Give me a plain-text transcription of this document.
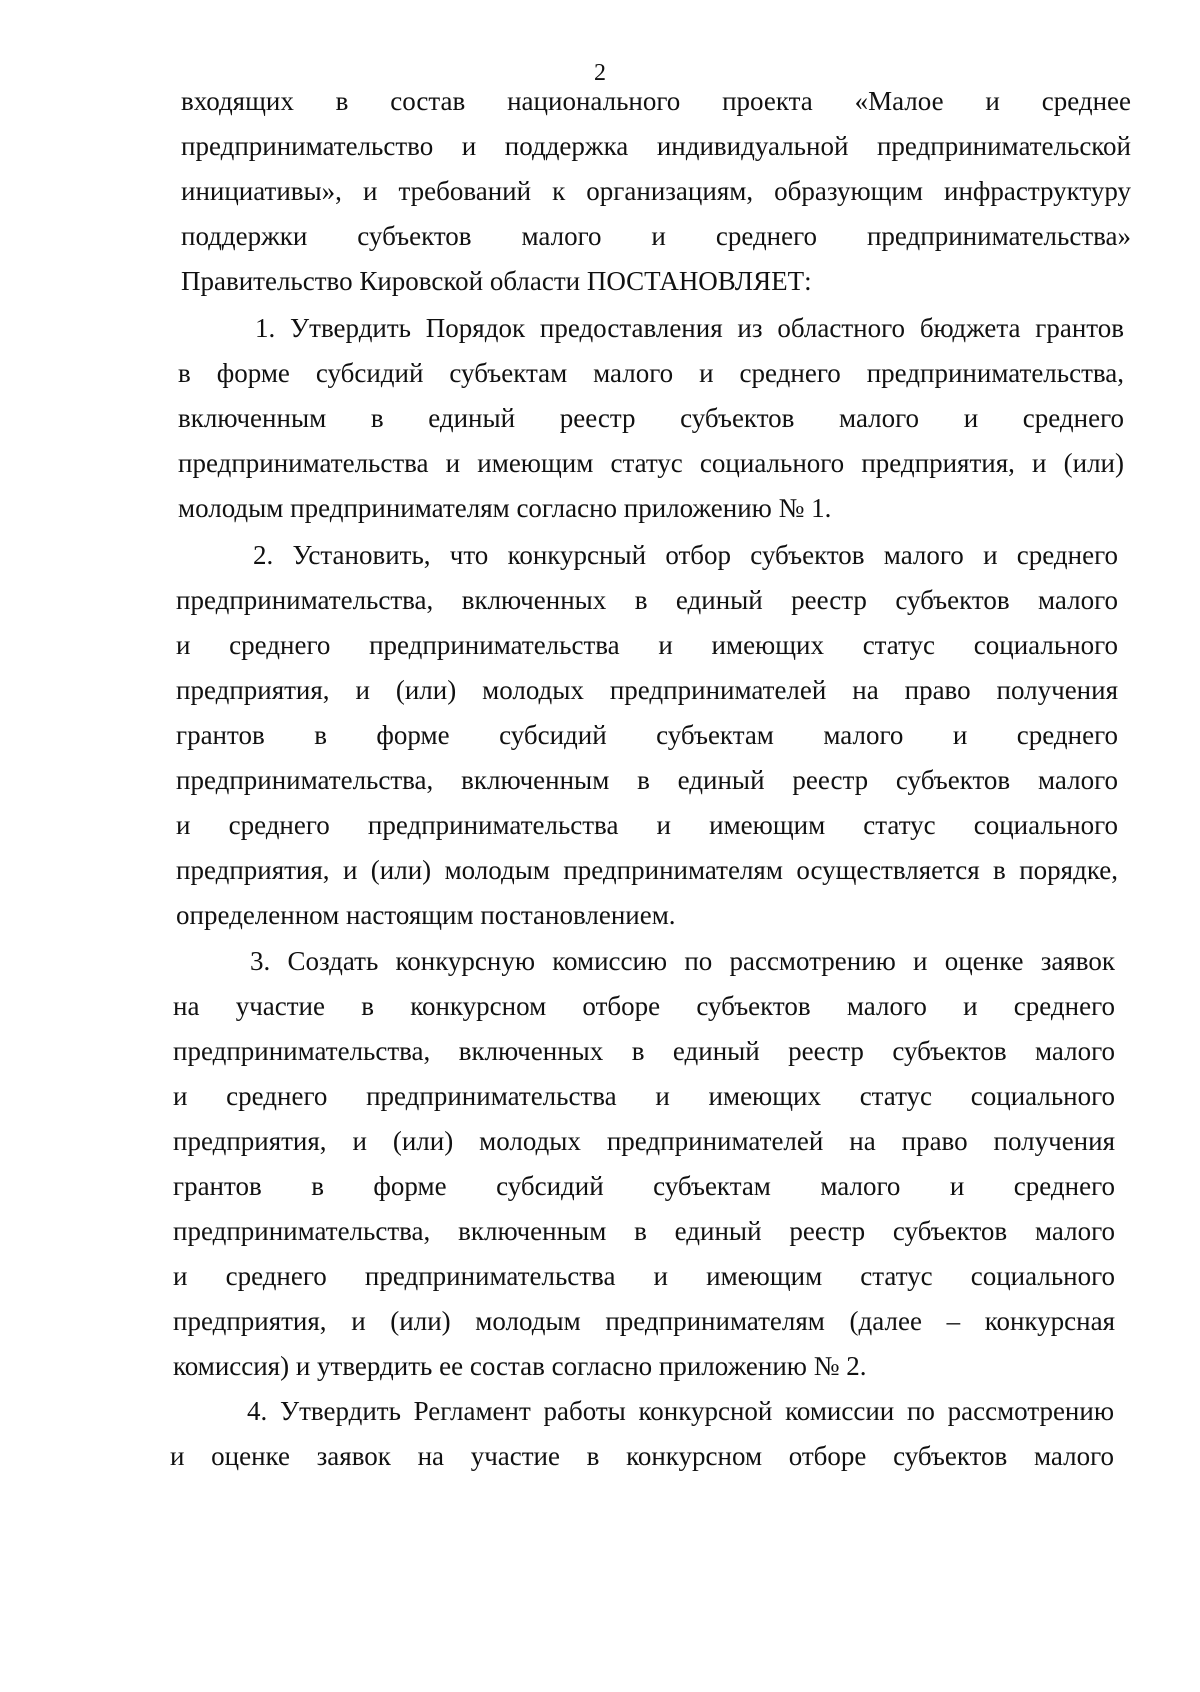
2
входящих в состав национального проекта «Малое и среднее
предпринимательство и поддержка индивидуальной предпринимательской
инициативы», и требований к организациям, образующим инфраструктуру
поддержки субъектов малого и среднего предпринимательства»
Правительство Кировской области ПОСТАНОВЛЯЕТ:
1. Утвердить Порядок предоставления из областного бюджета грантов
в форме субсидий субъектам малого и среднего предпринимательства,
включенным в единый реестр субъектов малого и среднего
предпринимательства и имеющим статус социального предприятия, и (или)
молодым предпринимателям согласно приложению № 1.
2. Установить, что конкурсный отбор субъектов малого и среднего
предпринимательства, включенных в единый реестр субъектов малого
и среднего предпринимательства и имеющих статус социального
предприятия, и (или) молодых предпринимателей на право получения
грантов в форме субсидий субъектам малого и среднего
предпринимательства, включенным в единый реестр субъектов малого
и среднего предпринимательства и имеющим статус социального
предприятия, и (или) молодым предпринимателям осуществляется в порядке,
определенном настоящим постановлением.
3. Создать конкурсную комиссию по рассмотрению и оценке заявок
на участие в конкурсном отборе субъектов малого и среднего
предпринимательства, включенных в единый реестр субъектов малого
и среднего предпринимательства и имеющих статус социального
предприятия, и (или) молодых предпринимателей на право получения
грантов в форме субсидий субъектам малого и среднего
предпринимательства, включенным в единый реестр субъектов малого
и среднего предпринимательства и имеющим статус социального
предприятия, и (или) молодым предпринимателям (далее – конкурсная
комиссия) и утвердить ее состав согласно приложению № 2.
4. Утвердить Регламент работы конкурсной комиссии по рассмотрению
и оценке заявок на участие в конкурсном отборе субъектов малого
